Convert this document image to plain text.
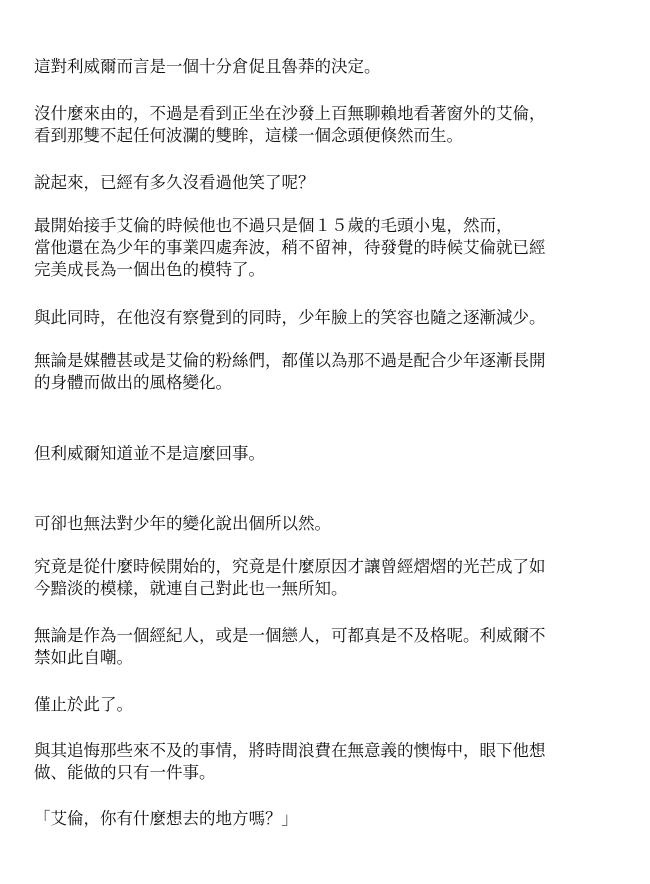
這對利威爾而言是一個十分倉促且魯莽的決定。

沒什麼來由的，不過是看到正坐在沙發上百無聊賴地看著窗外的艾倫，
看到那雙不起任何波瀾的雙眸，這樣一個念頭便倏然而生。

說起來，已經有多久沒看過他笑了呢？

最開始接手艾倫的時候他也不過只是個１５歲的毛頭小鬼，然而，
當他還在為少年的事業四處奔波，稍不留神，待發覺的時候艾倫就已經
完美成長為一個出色的模特了。

與此同時，在他沒有察覺到的同時，少年臉上的笑容也隨之逐漸減少。

無論是媒體甚或是艾倫的粉絲們，都僅以為那不過是配合少年逐漸長開
的身體而做出的風格變化。

但利威爾知道並不是這麼回事。

可卻也無法對少年的變化說出個所以然。

究竟是從什麼時候開始的，究竟是什麼原因才讓曾經熠熠的光芒成了如
今黯淡的模樣，就連自己對此也一無所知。

無論是作為一個經紀人，或是一個戀人，可都真是不及格呢。利威爾不
禁如此自嘲。

僅止於此了。

與其追悔那些來不及的事情，將時間浪費在無意義的懊悔中，眼下他想
做、能做的只有一件事。

「艾倫，你有什麼想去的地方嗎？」
